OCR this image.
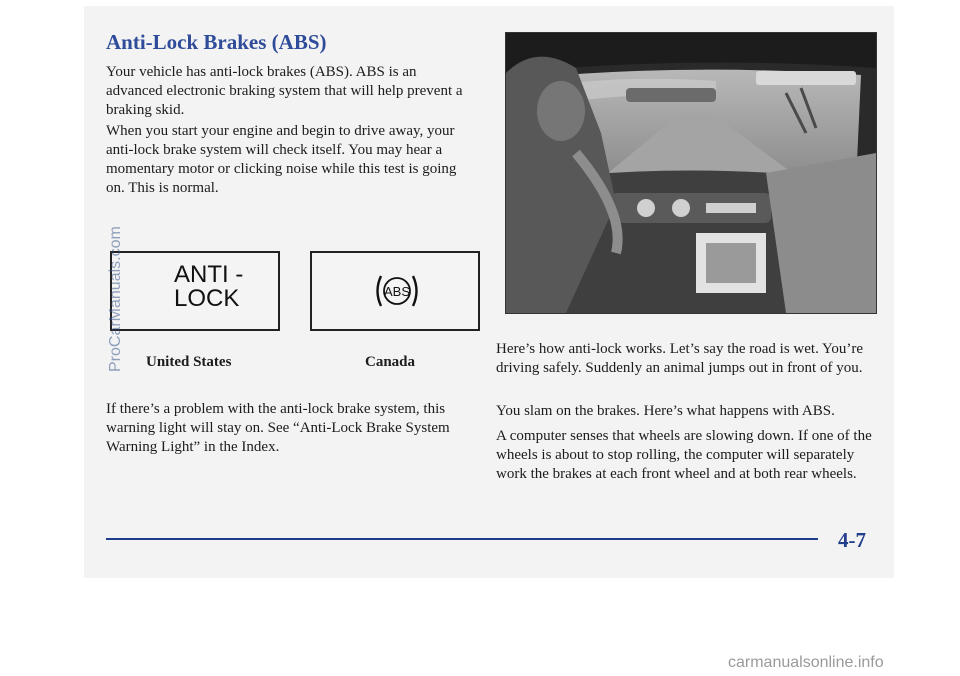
Anti-Lock Brakes (ABS)

Your vehicle has anti-lock brakes (ABS). ABS is an advanced electronic braking system that will help prevent a braking skid.

When you start your engine and begin to drive away, your anti-lock brake system will check itself. You may hear a momentary motor or clicking noise while this test is going on. This is normal.

ANTI -
LOCK	ABS

United States	Canada

If there’s a problem with the anti-lock brake system, this warning light will stay on. See “Anti-Lock Brake System Warning Light” in the Index.

Here’s how anti-lock works. Let’s say the road is wet. You’re driving safely. Suddenly an animal jumps out in front of you.

You slam on the brakes. Here’s what happens with ABS.

A computer senses that wheels are slowing down. If one of the wheels is about to stop rolling, the computer will separately work the brakes at each front wheel and at both rear wheels.

4-7

ProCarManuals.com

carmanualsonline.info
